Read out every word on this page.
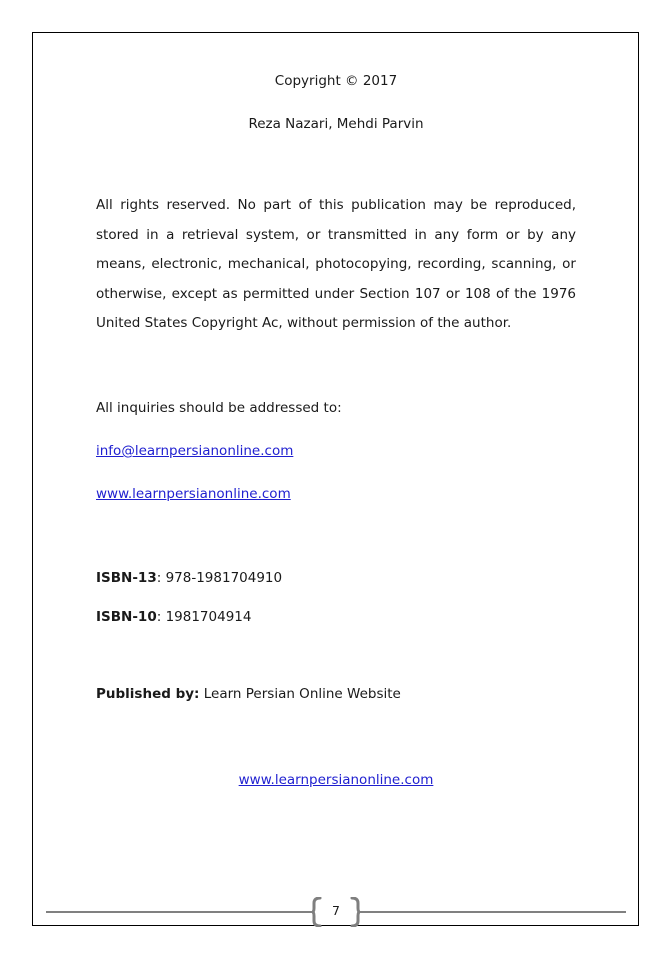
Copyright © 2017
Reza Nazari, Mehdi Parvin
All rights reserved. No part of this publication may be reproduced, stored in a retrieval system, or transmitted in any form or by any means, electronic, mechanical, photocopying, recording, scanning, or otherwise, except as permitted under Section 107 or 108 of the 1976 United States Copyright Ac, without permission of the author.
All inquiries should be addressed to:
info@learnpersianonline.com
www.learnpersianonline.com
ISBN-13: 978-1981704910
ISBN-10: 1981704914
Published by: Learn Persian Online Website
www.learnpersianonline.com
7
